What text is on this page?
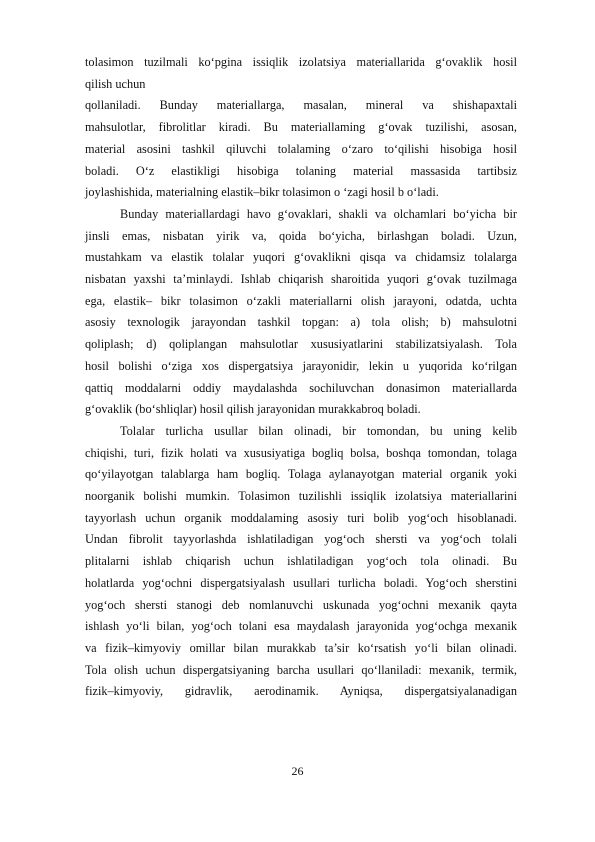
tolasimon tuzilmali koʻpgina issiqlik izolatsiya materiallarida gʻovaklik hosil

qilish uchun

qollaniladi. Bunday materiallarga, masalan, mineral va shishapaxtali

mahsulotlar, fibrolitlar kiradi. Bu materiallaming gʻovak tuzilishi, asosan,

material asosini tashkil qiluvchi tolalaming oʻzaro toʻqilishi hisobiga hosil

boladi. Oʻz elastikligi hisobiga tolaning material massasida tartibsiz

joylashishida, materialning elastik–bikr tolasimon o ʻzagi hosil b oʻladi.

Bunday materiallardagi havo gʻovaklari, shakli va olchamlari boʻyicha bir

jinsli emas, nisbatan yirik va, qoida boʻyicha, birlashgan boladi. Uzun,

mustahkam va elastik tolalar yuqori gʻovaklikni qisqa va chidamsiz tolalarga

nisbatan yaxshi ta’minlaydi. Ishlab chiqarish sharoitida yuqori gʻovak tuzilmaga

ega, elastik– bikr tolasimon oʻzakli materiallarni olish jarayoni, odatda, uchta

asosiy texnologik jarayondan tashkil topgan: a) tola olish; b) mahsulotni

qoliplash; d) qoliplangan mahsulotlar xususiyatlarini stabilizatsiyalash. Tola

hosil bolishi oʻziga xos dispergatsiya jarayonidir, lekin u yuqorida koʻrilgan

qattiq moddalarni oddiy maydalashda sochiluvchan donasimon materiallarda

gʻovaklik (boʻshliqlar) hosil qilish jarayonidan murakkabroq boladi.

Tolalar turlicha usullar bilan olinadi, bir tomondan, bu uning kelib

chiqishi, turi, fizik holati va xususiyatiga bogliq bolsa, boshqa tomondan, tolaga

qoʻyilayotgan talablarga ham bogliq. Tolaga aylanayotgan material organik yoki

noorganik bolishi mumkin. Tolasimon tuzilishli issiqlik izolatsiya materiallarini

tayyorlash uchun organik moddalaming asosiy turi bolib yogʻoch hisoblanadi.

Undan fibrolit tayyorlashda ishlatiladigan yogʻoch shersti va yogʻoch tolali

plitalarni ishlab chiqarish uchun ishlatiladigan yogʻoch tola olinadi. Bu

holatlarda yogʻochni dispergatsiyalash usullari turlicha boladi. Yogʻoch sherstini

yogʻoch shersti stanogi deb nomlanuvchi uskunada yogʻochni mexanik qayta

ishlash yoʻli bilan, yogʻoch tolani esa maydalash jarayonida yogʻochga mexanik

va fizik–kimyoviy omillar bilan murakkab ta’sir koʻrsatish yoʻli bilan olinadi.

Tola olish uchun dispergatsiyaning barcha usullari qoʻllaniladi: mexanik, termik,

fizik–kimyoviy, gidravlik, aerodinamik. Ayniqsa, dispergatsiyalanadigan

26
